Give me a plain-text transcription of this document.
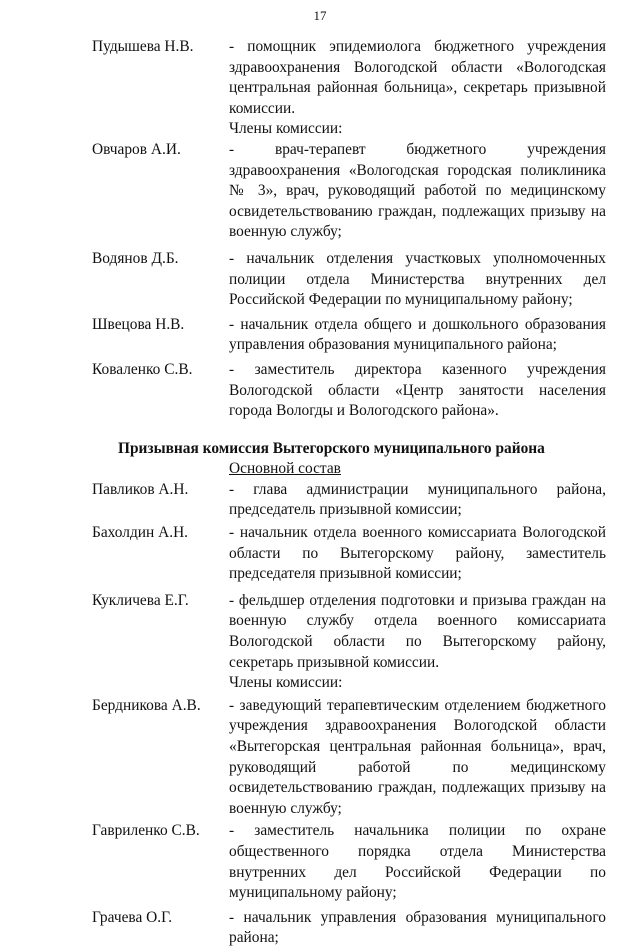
17
Пудышева Н.В. - помощник эпидемиолога бюджетного учреждения здравоохранения Вологодской области «Вологодская центральная районная больница», секретарь призывной комиссии.
Члены комиссии:
Овчаров А.И.	- врач-терапевт бюджетного учреждения здравоохранения «Вологодская городская поликлиника № 3», врач, руководящий работой по медицинскому освидетельствованию граждан, подлежащих призыву на военную службу;
Водянов Д.Б.	- начальник отделения участковых уполномоченных полиции отдела Министерства внутренних дел Российской Федерации по муниципальному району;
Швецова Н.В.	- начальник отдела общего и дошкольного образования управления образования муниципального района;
Коваленко С.В. - заместитель директора казенного учреждения Вологодской области «Центр занятости населения города Вологды и Вологодского района».
Призывная комиссия Вытегорского муниципального района
Основной состав
Павликов А.Н.	- глава администрации муниципального района, председатель призывной комиссии;
Бахолдин А.Н.	- начальник отдела военного комиссариата Вологодской области по Вытегорскому району, заместитель председателя призывной комиссии;
Кукличева Е.Г.	- фельдшер отделения подготовки и призыва граждан на военную службу отдела военного комиссариата Вологодской области по Вытегорскому району, секретарь призывной комиссии.
Члены комиссии:
Бердникова А.В. - заведующий терапевтическим отделением бюджетного учреждения здравоохранения Вологодской области «Вытегорская центральная районная больница», врач, руководящий работой по медицинскому освидетельствованию граждан, подлежащих призыву на военную службу;
Гавриленко С.В. - заместитель начальника полиции по охране общественного порядка отдела Министерства внутренних дел Российской Федерации по муниципальному району;
Грачева О.Г.	- начальник управления образования муниципального района;
